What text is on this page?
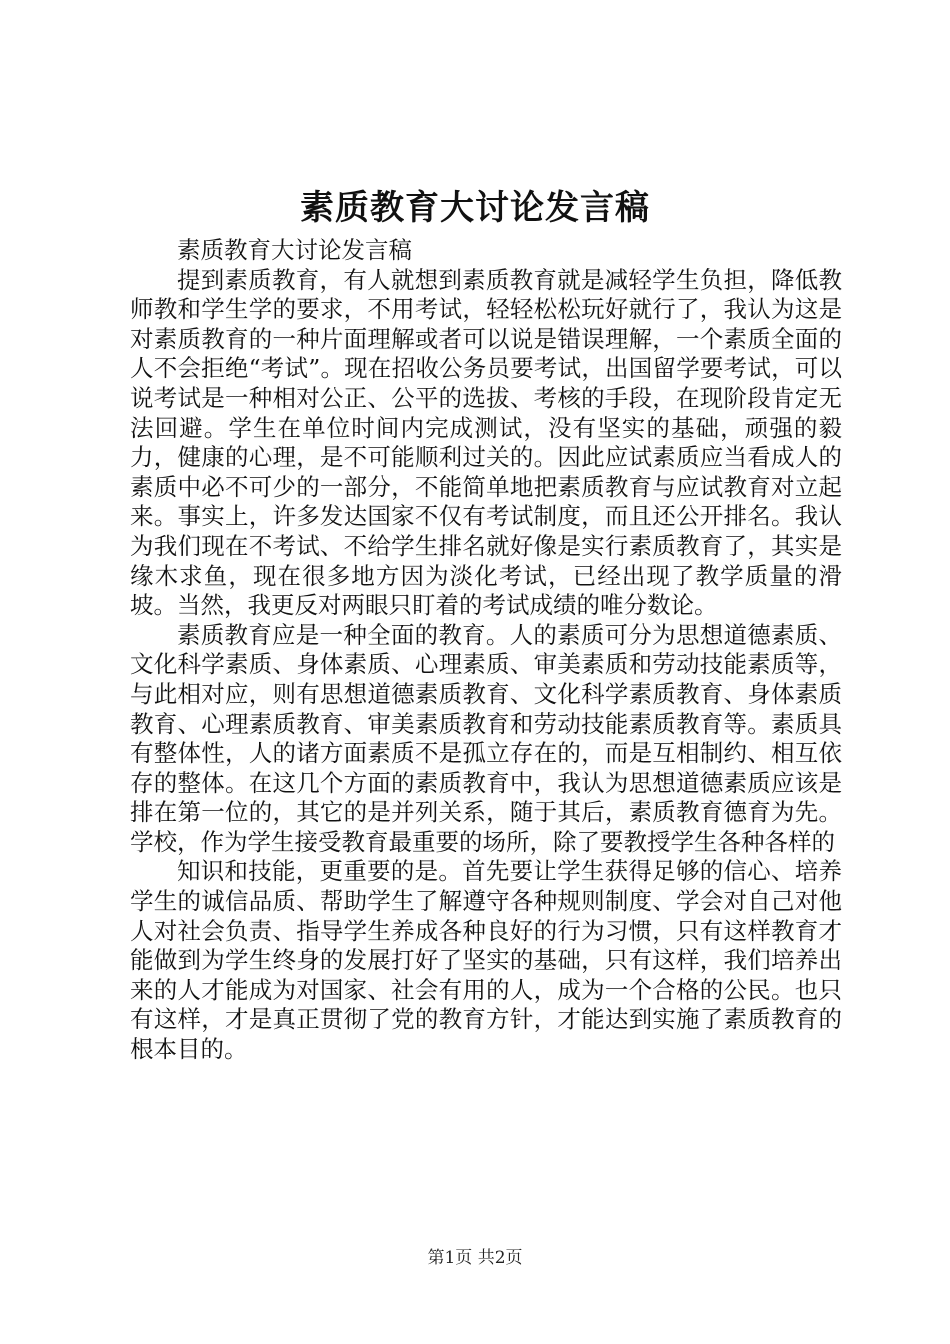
素质教育大讨论发言稿

素质教育大讨论发言稿

提到素质教育，有人就想到素质教育就是减轻学生负担，降低教师教和学生学的要求，不用考试，轻轻松松玩好就行了，我认为这是对素质教育的一种片面理解或者可以说是错误理解，一个素质全面的人不会拒绝“考试”。现在招收公务员要考试，出国留学要考试，可以说考试是一种相对公正、公平的选拔、考核的手段，在现阶段肯定无法回避。学生在单位时间内完成测试，没有坚实的基础，顽强的毅力，健康的心理，是不可能顺利过关的。因此应试素质应当看成人的素质中必不可少的一部分，不能简单地把素质教育与应试教育对立起来。事实上，许多发达国家不仅有考试制度，而且还公开排名。我认为我们现在不考试、不给学生排名就好像是实行素质教育了，其实是缘木求鱼，现在很多地方因为淡化考试，已经出现了教学质量的滑坡。当然，我更反对两眼只盯着的考试成绩的唯分数论。

素质教育应是一种全面的教育。人的素质可分为思想道德素质、文化科学素质、身体素质、心理素质、审美素质和劳动技能素质等，与此相对应，则有思想道德素质教育、文化科学素质教育、身体素质教育、心理素质教育、审美素质教育和劳动技能素质教育等。素质具有整体性，人的诸方面素质不是孤立存在的，而是互相制约、相互依存的整体。在这几个方面的素质教育中，我认为思想道德素质应该是排在第一位的，其它的是并列关系，随于其后，素质教育德育为先。学校，作为学生接受教育最重要的场所，除了要教授学生各种各样的

知识和技能，更重要的是。首先要让学生获得足够的信心、培养学生的诚信品质、帮助学生了解遵守各种规则制度、学会对自己对他人对社会负责、指导学生养成各种良好的行为习惯，只有这样教育才能做到为学生终身的发展打好了坚实的基础，只有这样，我们培养出来的人才能成为对国家、社会有用的人，成为一个合格的公民。也只有这样，才是真正贯彻了党的教育方针，才能达到实施了素质教育的根本目的。

第1页 共2页
